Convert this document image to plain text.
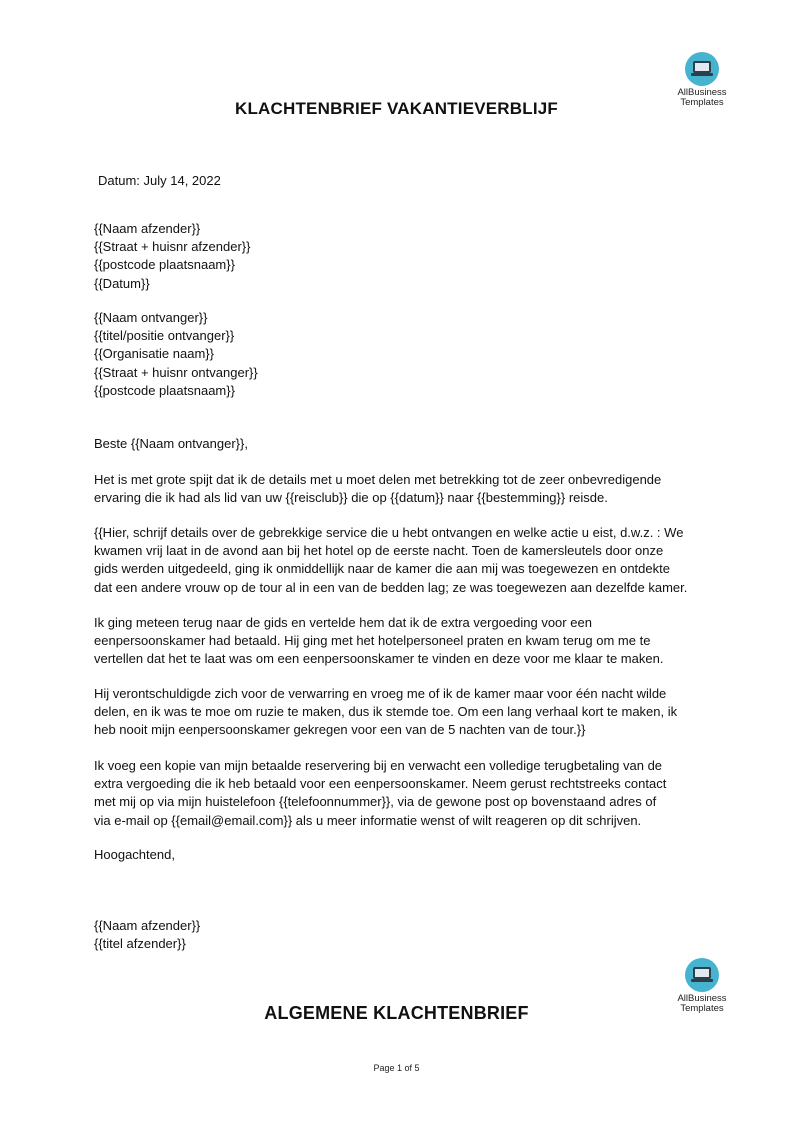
AllBusiness
Templates
KLACHTENBRIEF VAKANTIEVERBLIJF
Datum: July 14, 2022
{{Naam afzender}}
{{Straat + huisnr afzender}}
{{postcode plaatsnaam}}
{{Datum}}
{{Naam ontvanger}}
{{titel/positie ontvanger}}
{{Organisatie naam}}
{{Straat + huisnr ontvanger}}
{{postcode plaatsnaam}}
Beste {{Naam ontvanger}},
Het is met grote spijt dat ik de details met u moet delen met betrekking tot de zeer onbevredigende
ervaring die ik had als lid van uw {{reisclub}} die op {{datum}} naar {{bestemming}} reisde.
{{Hier, schrijf details over de gebrekkige service die u hebt ontvangen en welke actie u eist, d.w.z. : We
kwamen vrij laat in de avond aan bij het hotel op de eerste nacht. Toen de kamersleutels door onze
gids werden uitgedeeld, ging ik onmiddellijk naar de kamer die aan mij was toegewezen en ontdekte
dat een andere vrouw op de tour al in een van de bedden lag; ze was toegewezen aan dezelfde kamer.
Ik ging meteen terug naar de gids en vertelde hem dat ik de extra vergoeding voor een
eenpersoonskamer had betaald. Hij ging met het hotelpersoneel praten en kwam terug om me te
vertellen dat het te laat was om een eenpersoonskamer te vinden en deze voor me klaar te maken.
Hij verontschuldigde zich voor de verwarring en vroeg me of ik de kamer maar voor één nacht wilde
delen, en ik was te moe om ruzie te maken, dus ik stemde toe. Om een lang verhaal kort te maken, ik
heb nooit mijn eenpersoonskamer gekregen voor een van de 5 nachten van de tour.}}
Ik voeg een kopie van mijn betaalde reservering bij en verwacht een volledige terugbetaling van de
extra vergoeding die ik heb betaald voor een eenpersoonskamer. Neem gerust rechtstreeks contact
met mij op via mijn huistelefoon {{telefoonnummer}}, via de gewone post op bovenstaand adres of
via e-mail op {{email@email.com}} als u meer informatie wenst of wilt reageren op dit schrijven.
Hoogachtend,
{{Naam afzender}}
{{titel afzender}}
AllBusiness
Templates
ALGEMENE KLACHTENBRIEF
Page 1 of 5
